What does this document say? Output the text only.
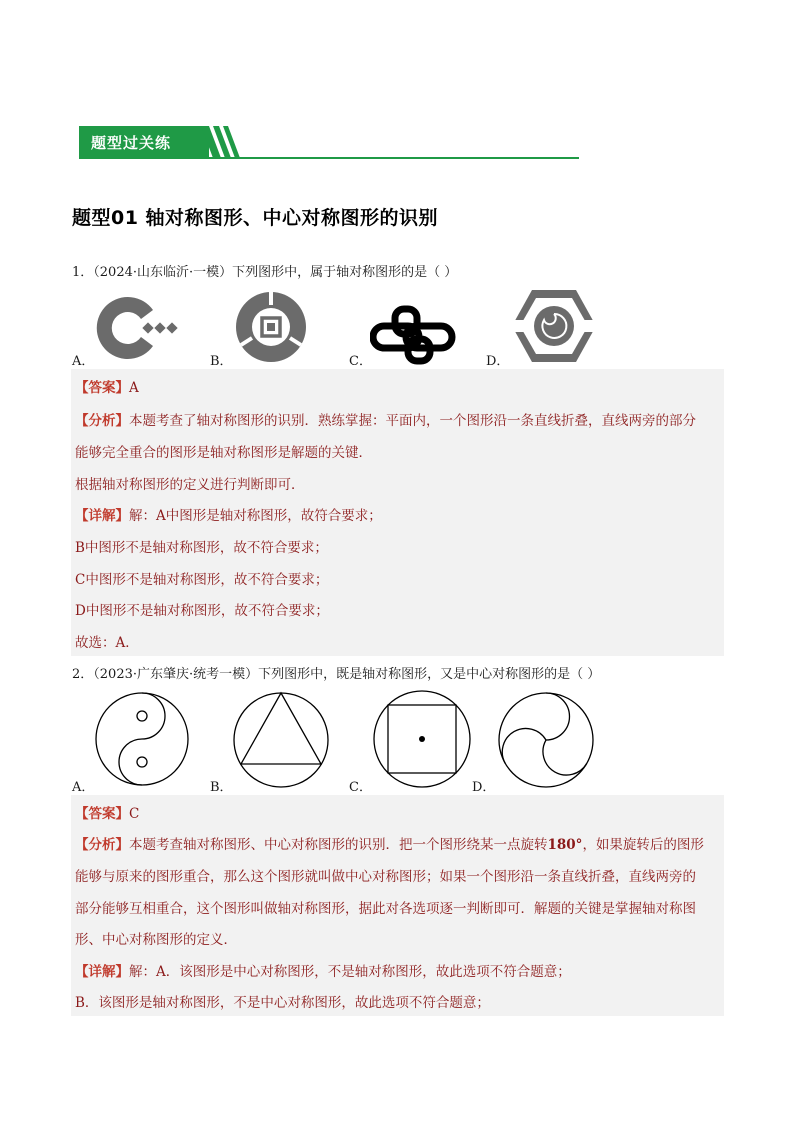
题型过关练
题型01 轴对称图形、中心对称图形的识别
1．（2024·山东临沂·一模）下列图形中，属于轴对称图形的是（ ）
A．	B．	C．	D．
【答案】A
【分析】本题考查了轴对称图形的识别．熟练掌握：平面内，一个图形沿一条直线折叠，直线两旁的部分
能够完全重合的图形是轴对称图形是解题的关键．
根据轴对称图形的定义进行判断即可．
【详解】解：A中图形是轴对称图形，故符合要求；
B中图形不是轴对称图形，故不符合要求；
C中图形不是轴对称图形，故不符合要求；
D中图形不是轴对称图形，故不符合要求；
故选：A．
2．（2023·广东肇庆·统考一模）下列图形中，既是轴对称图形，又是中心对称图形的是（ ）
A．	B．	C．	D．
【答案】C
【分析】本题考查轴对称图形、中心对称图形的识别．把一个图形绕某一点旋转180°，如果旋转后的图形
能够与原来的图形重合，那么这个图形就叫做中心对称图形；如果一个图形沿一条直线折叠，直线两旁的
部分能够互相重合，这个图形叫做轴对称图形，据此对各选项逐一判断即可．解题的关键是掌握轴对称图
形、中心对称图形的定义．
【详解】解：A．该图形是中心对称图形，不是轴对称图形，故此选项不符合题意；
B．该图形是轴对称图形，不是中心对称图形，故此选项不符合题意；
